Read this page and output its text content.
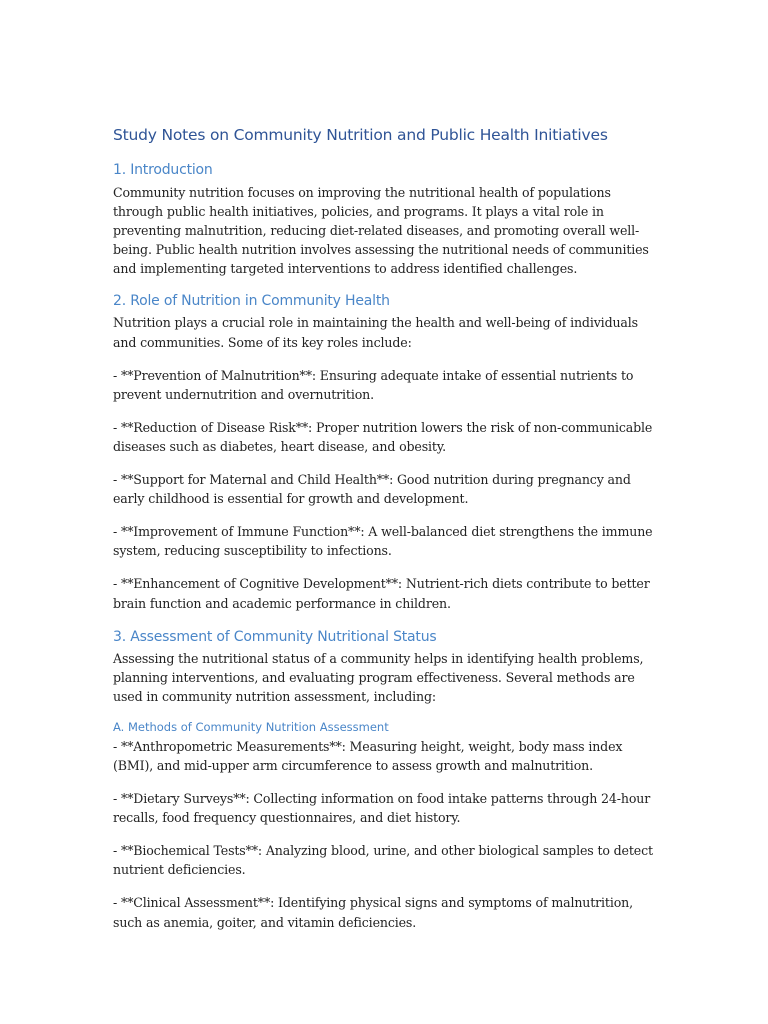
Study Notes on Community Nutrition and Public Health Initiatives
1. Introduction

Community nutrition focuses on improving the nutritional health of populations through public health initiatives, policies, and programs. It plays a vital role in preventing malnutrition, reducing diet-related diseases, and promoting overall well-being. Public health nutrition involves assessing the nutritional needs of communities and implementing targeted interventions to address identified challenges.

2. Role of Nutrition in Community Health

Nutrition plays a crucial role in maintaining the health and well-being of individuals and communities. Some of its key roles include:

- **Prevention of Malnutrition**: Ensuring adequate intake of essential nutrients to prevent undernutrition and overnutrition.

- **Reduction of Disease Risk**: Proper nutrition lowers the risk of non-communicable diseases such as diabetes, heart disease, and obesity.

- **Support for Maternal and Child Health**: Good nutrition during pregnancy and early childhood is essential for growth and development.

- **Improvement of Immune Function**: A well-balanced diet strengthens the immune system, reducing susceptibility to infections.

- **Enhancement of Cognitive Development**: Nutrient-rich diets contribute to better brain function and academic performance in children.

3. Assessment of Community Nutritional Status

Assessing the nutritional status of a community helps in identifying health problems, planning interventions, and evaluating program effectiveness. Several methods are used in community nutrition assessment, including:

A. Methods of Community Nutrition Assessment

- **Anthropometric Measurements**: Measuring height, weight, body mass index (BMI), and mid-upper arm circumference to assess growth and malnutrition.

- **Dietary Surveys**: Collecting information on food intake patterns through 24-hour recalls, food frequency questionnaires, and diet history.

- **Biochemical Tests**: Analyzing blood, urine, and other biological samples to detect nutrient deficiencies.

- **Clinical Assessment**: Identifying physical signs and symptoms of malnutrition, such as anemia, goiter, and vitamin deficiencies.
